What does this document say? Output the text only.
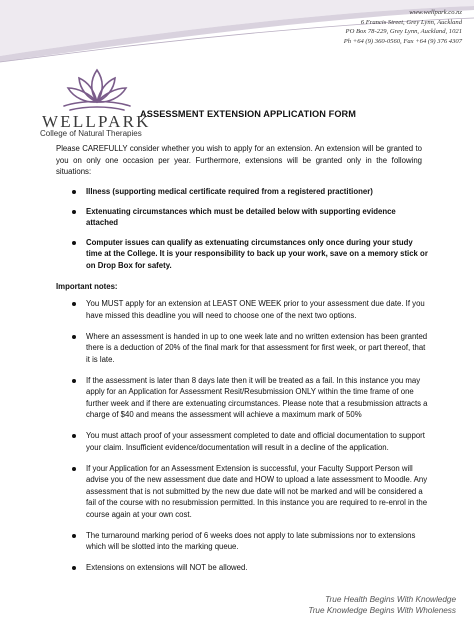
www.wellpark.co.nz
6 Francis Street, Grey Lynn, Auckland
PO Box 78-229, Grey Lynn, Auckland, 1021
Ph +64 (9) 360-0560, Fax +64 (9) 376 4307
WELLPARK
College of Natural Therapies
ASSESSMENT EXTENSION APPLICATION FORM
Please CAREFULLY consider whether you wish to apply for an extension. An extension will be granted to you on only one occasion per year. Furthermore, extensions will be granted only in the following situations:
Illness (supporting medical certificate required from a registered practitioner)
Extenuating circumstances which must be detailed below with supporting evidence attached
Computer issues can qualify as extenuating circumstances only once during your study time at the College. It is your responsibility to back up your work, save on a memory stick or on Drop Box for safety.
Important notes:
You MUST apply for an extension at LEAST ONE WEEK prior to your assessment due date. If you have missed this deadline you will need to choose one of the next two options.
Where an assessment is handed in up to one week late and no written extension has been granted there is a deduction of 20% of the final mark for that assessment for first week, or part thereof, that it is late.
If the assessment is later than 8 days late then it will be treated as a fail. In this instance you may apply for an Application for Assessment Resit/Resubmission ONLY within the time frame of one further week and if there are extenuating circumstances. Please note that a resubmission attracts a charge of $40 and means the assessment will achieve a maximum mark of 50%
You must attach proof of your assessment completed to date and official documentation to support your claim. Insufficient evidence/documentation will result in a decline of the application.
If your Application for an Assessment Extension is successful, your Faculty Support Person will advise you of the new assessment due date and HOW to upload a late assessment to Moodle. Any assessment that is not submitted by the new due date will not be marked and will be considered a fail of the course with no resubmission permitted. In this instance you are required to re-enrol in the course again at your own cost.
The turnaround marking period of 6 weeks does not apply to late submissions nor to extensions which will be slotted into the marking queue.
Extensions on extensions will NOT be allowed.
True Health Begins With Knowledge
True Knowledge Begins With Wholeness
